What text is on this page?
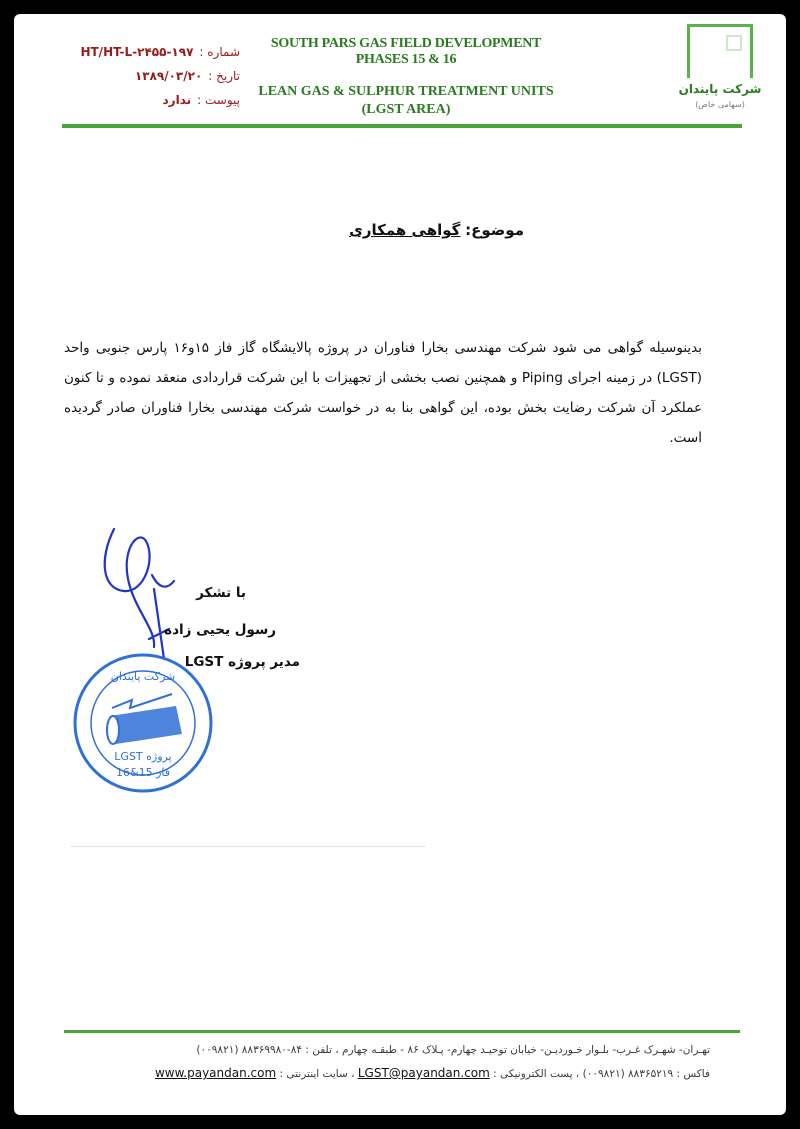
شماره :
۱۹۷-HT/HT-L-۲۴۵۵
تاریخ :
۱۳۸۹/۰۳/۲۰
پیوست :
ندارد
SOUTH PARS GAS FIELD DEVELOPMENT PHASES 15 & 16
LEAN GAS & SULPHUR TREATMENT UNITS
(LGST AREA)
شرکت پایندان
(سهامی خاص)
موضوع: گواهی همکاری
بدینوسیله گواهی می شود شرکت مهندسی بخارا فناوران در پروژه پالایشگاه گاز فاز ۱۵و۱۶ پارس جنوبی واحد (LGST) در زمینه اجرای Piping و همچنین نصب بخشی از تجهیزات با این شرکت قراردادی منعقد نموده و تا کنون عملکرد آن شرکت رضایت بخش بوده، این گواهی بنا به در خواست شرکت مهندسی بخارا فناوران صادر گردیده است.
با تشکر
رسول یحیی زاده
مدیر پروژه LGST
شرکت پایندان
LGST پروژه
فاز 15&16
تهـران- شهـرک غـرب- بلـوار خـوردیـن- خیابان توحیـد چهارم- پـلاک ۸۶ - طبقـه چهارم ، تلفن : ۸۴-۸۸۳۶۹۹۸۰ (۰۰۹۸۲۱)
فاکس : ۸۸۳۶۵۲۱۹ (۰۰۹۸۲۱) ، پست الکترونیکی : LGST@payandan.com ، سایت اینترنتی : www.payandan.com
